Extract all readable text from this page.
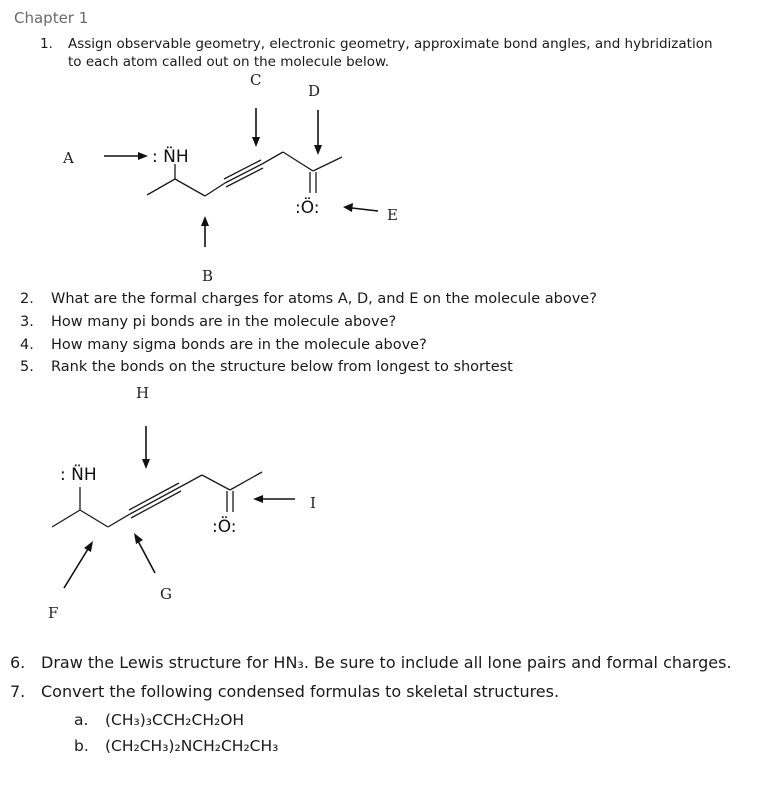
Chapter 1
1. Assign observable geometry, electronic geometry, approximate bond angles, and hybridization
to each atom called out on the molecule below.
C
D
A
E
B
: N̈H
:Ö:
2. What are the formal charges for atoms A, D, and E on the molecule above?
3. How many pi bonds are in the molecule above?
4. How many sigma bonds are in the molecule above?
5. Rank the bonds on the structure below from longest to shortest
H
I
G
F
: N̈H
:Ö:
6. Draw the Lewis structure for HN₃. Be sure to include all lone pairs and formal charges.
7. Convert the following condensed formulas to skeletal structures.
a. (CH₃)₃CCH₂CH₂OH
b. (CH₂CH₃)₂NCH₂CH₂CH₃
